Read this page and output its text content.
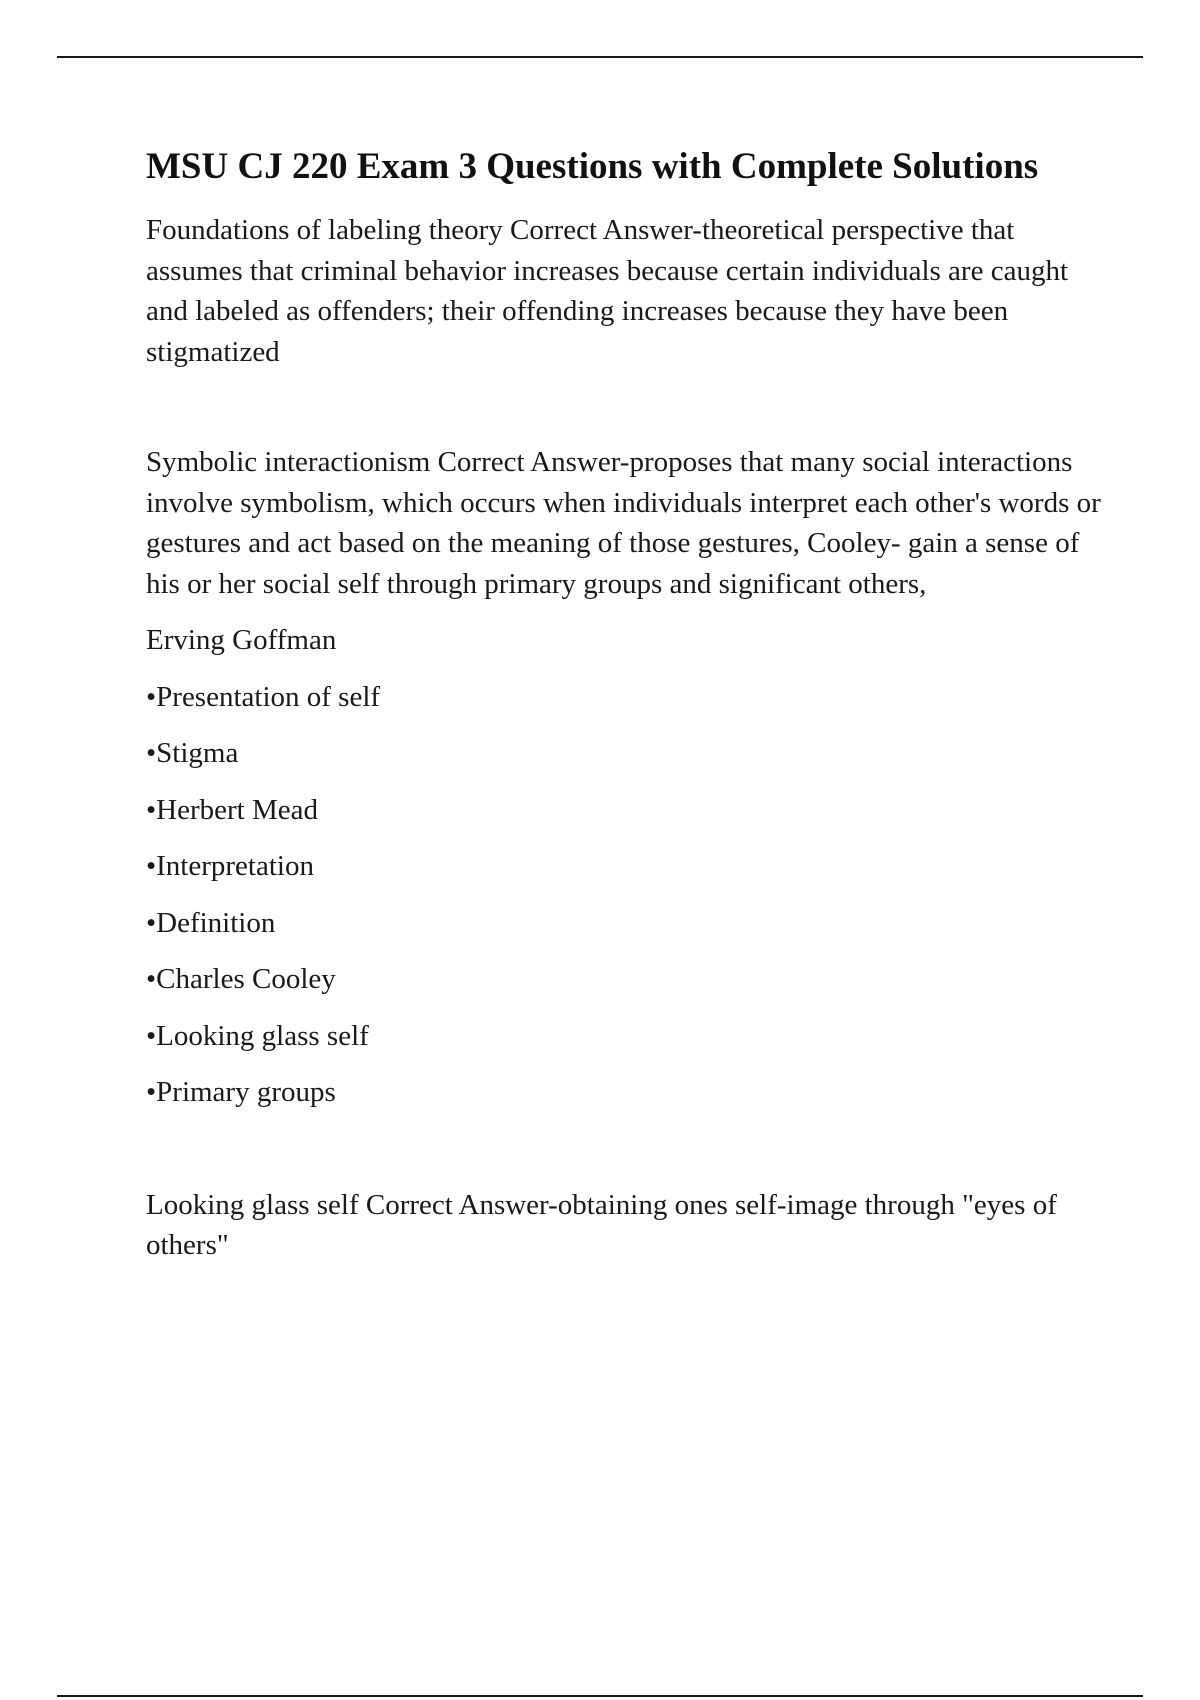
MSU CJ 220 Exam 3 Questions with Complete Solutions

Foundations of labeling theory Correct Answer-theoretical perspective that assumes that criminal behavior increases because certain individuals are caught and labeled as offenders; their offending increases because they have been stigmatized

Symbolic interactionism Correct Answer-proposes that many social interactions involve symbolism, which occurs when individuals interpret each other's words or gestures and act based on the meaning of those gestures, Cooley- gain a sense of his or her social self through primary groups and significant others,

Erving Goffman

•Presentation of self
•Stigma
•Herbert Mead
•Interpretation
•Definition
•Charles Cooley
•Looking glass self
•Primary groups

Looking glass self Correct Answer-obtaining ones self-image through "eyes of others"
